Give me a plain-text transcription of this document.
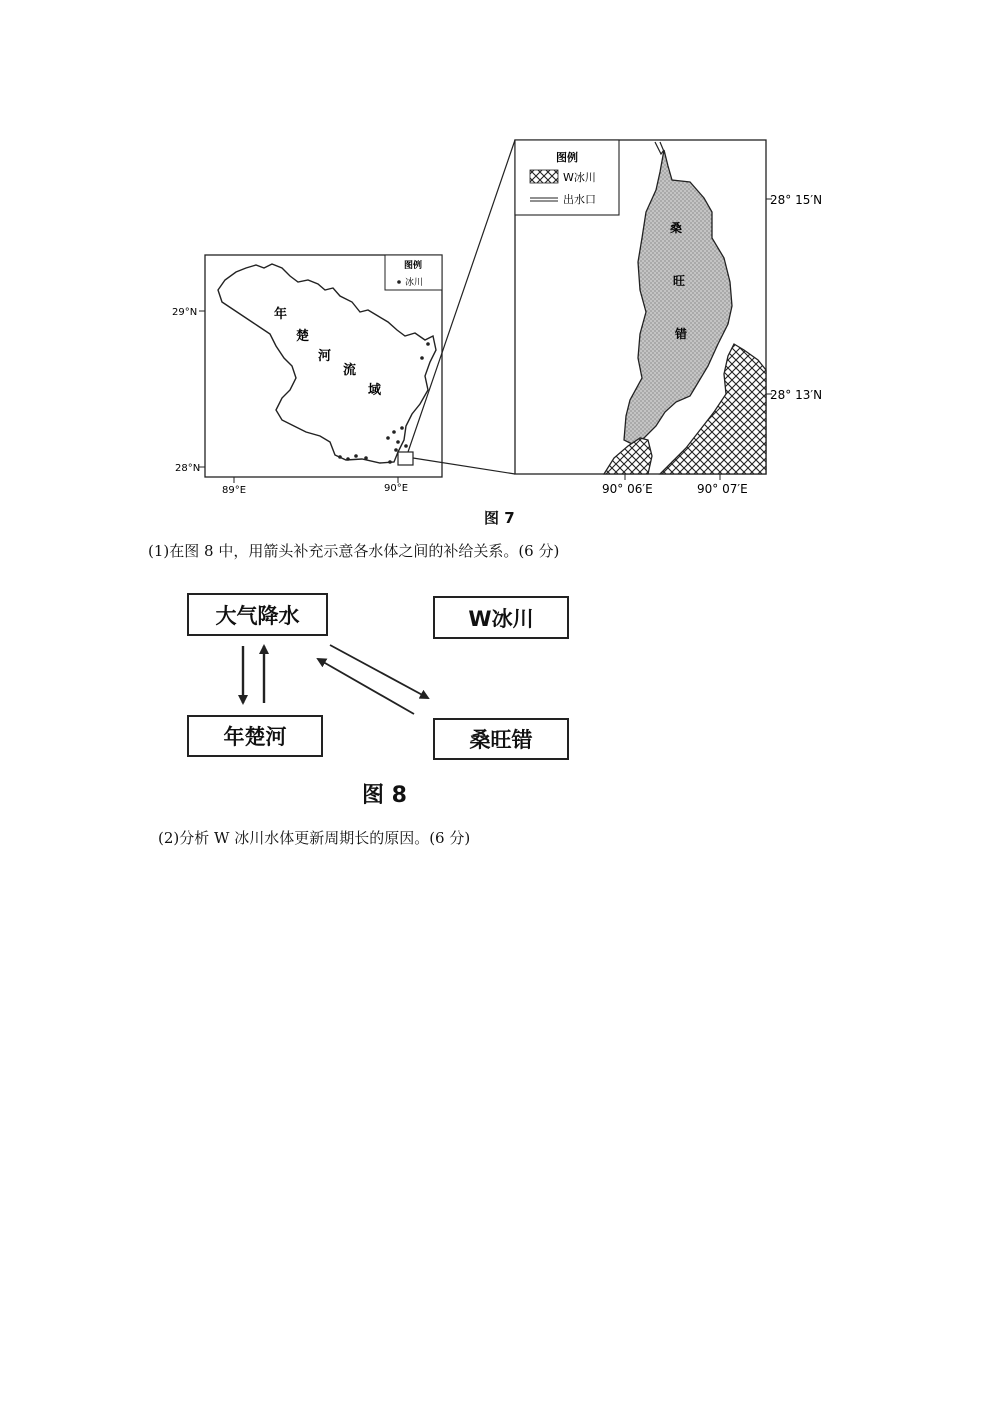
图例
冰川
年
楚
河
流
域
29°N
28°N
89°E	90°E
图例
W冰川
出水口
桑
旺
错
28° 15′N
28° 13′N
90° 06′E	90° 07′E
图 7
(1)在图 8 中，用箭头补充示意各水体之间的补给关系。(6 分)
大气降水	W冰川
年楚河	桑旺错
图 8
(2)分析 W 冰川水体更新周期长的原因。(6 分)
